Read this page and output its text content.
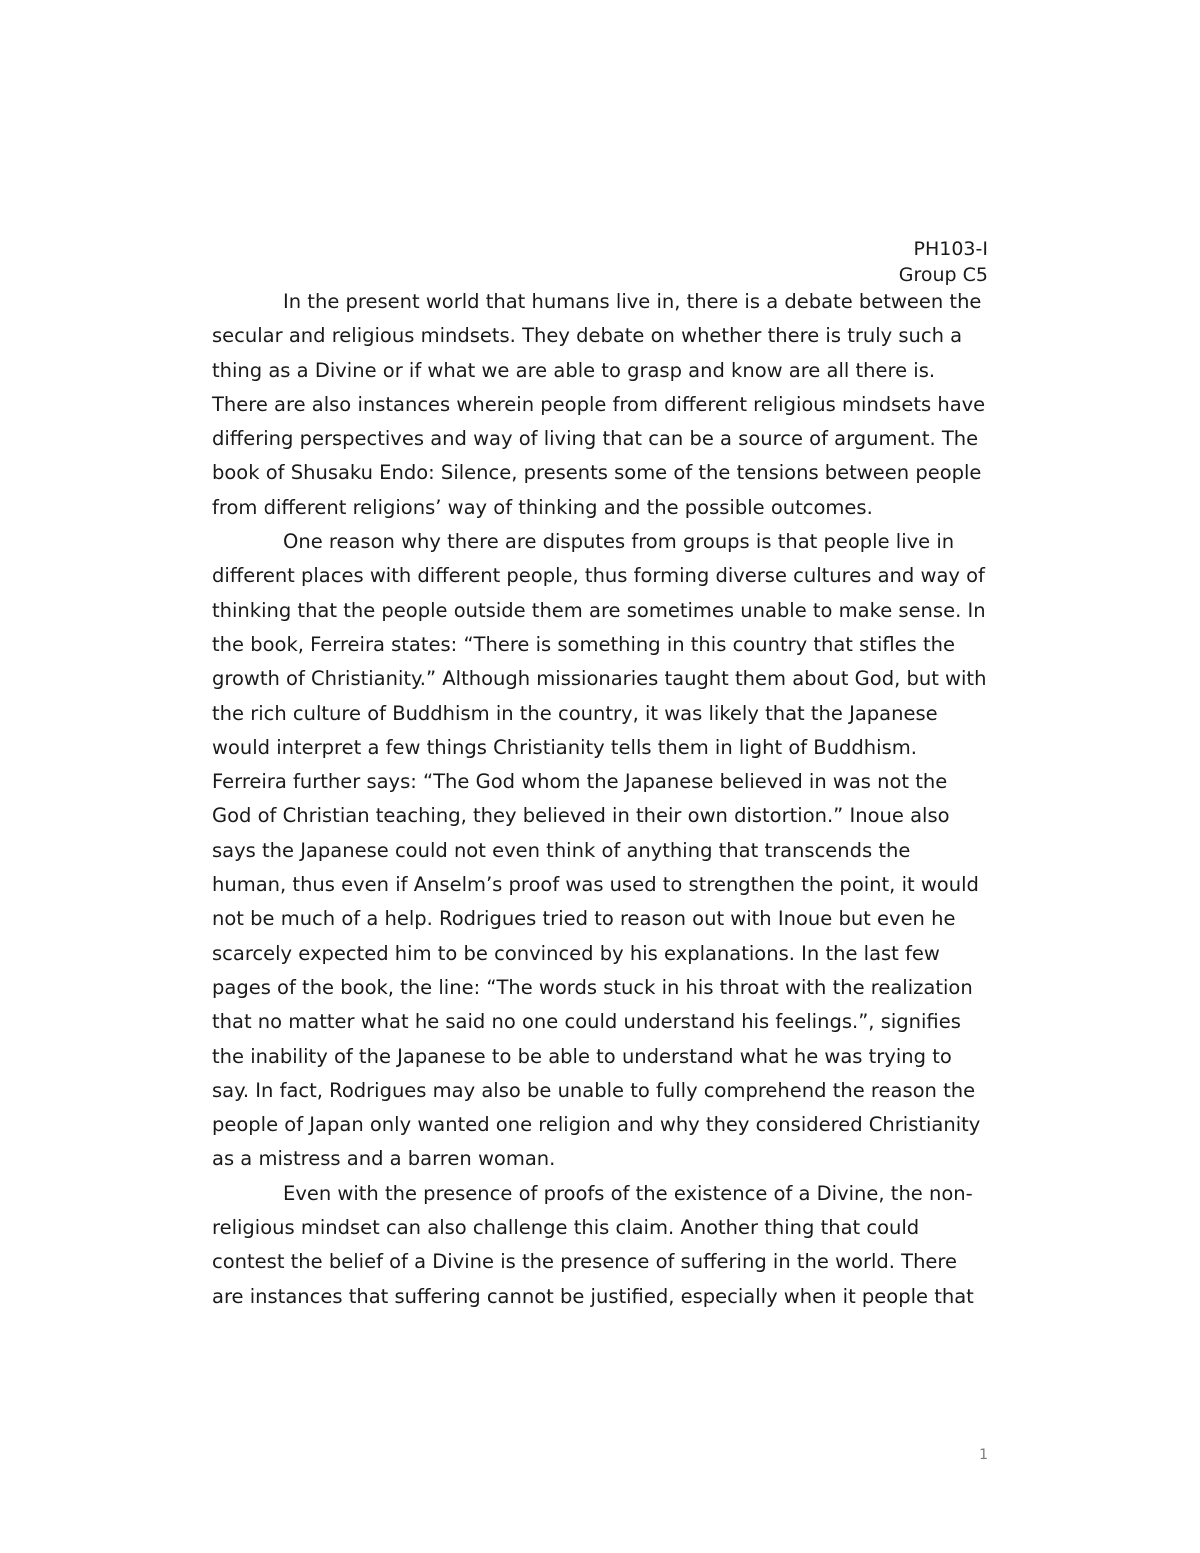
PH103-I
Group C5

In the present world that humans live in, there is a debate between the secular and religious mindsets. They debate on whether there is truly such a thing as a Divine or if what we are able to grasp and know are all there is. There are also instances wherein people from different religious mindsets have differing perspectives and way of living that can be a source of argument. The book of Shusaku Endo: Silence, presents some of the tensions between people from different religions’ way of thinking and the possible outcomes.

One reason why there are disputes from groups is that people live in different places with different people, thus forming diverse cultures and way of thinking that the people outside them are sometimes unable to make sense. In the book, Ferreira states: “There is something in this country that stifles the growth of Christianity.” Although missionaries taught them about God, but with the rich culture of Buddhism in the country, it was likely that the Japanese would interpret a few things Christianity tells them in light of Buddhism. Ferreira further says: “The God whom the Japanese believed in was not the God of Christian teaching, they believed in their own distortion.” Inoue also says the Japanese could not even think of anything that transcends the human, thus even if Anselm’s proof was used to strengthen the point, it would not be much of a help. Rodrigues tried to reason out with Inoue but even he scarcely expected him to be convinced by his explanations. In the last few pages of the book, the line: “The words stuck in his throat with the realization that no matter what he said no one could understand his feelings.”, signifies the inability of the Japanese to be able to understand what he was trying to say. In fact, Rodrigues may also be unable to fully comprehend the reason the people of Japan only wanted one religion and why they considered Christianity as a mistress and a barren woman.

Even with the presence of proofs of the existence of a Divine, the non-religious mindset can also challenge this claim. Another thing that could contest the belief of a Divine is the presence of suffering in the world. There are instances that suffering cannot be justified, especially when it people that

1
